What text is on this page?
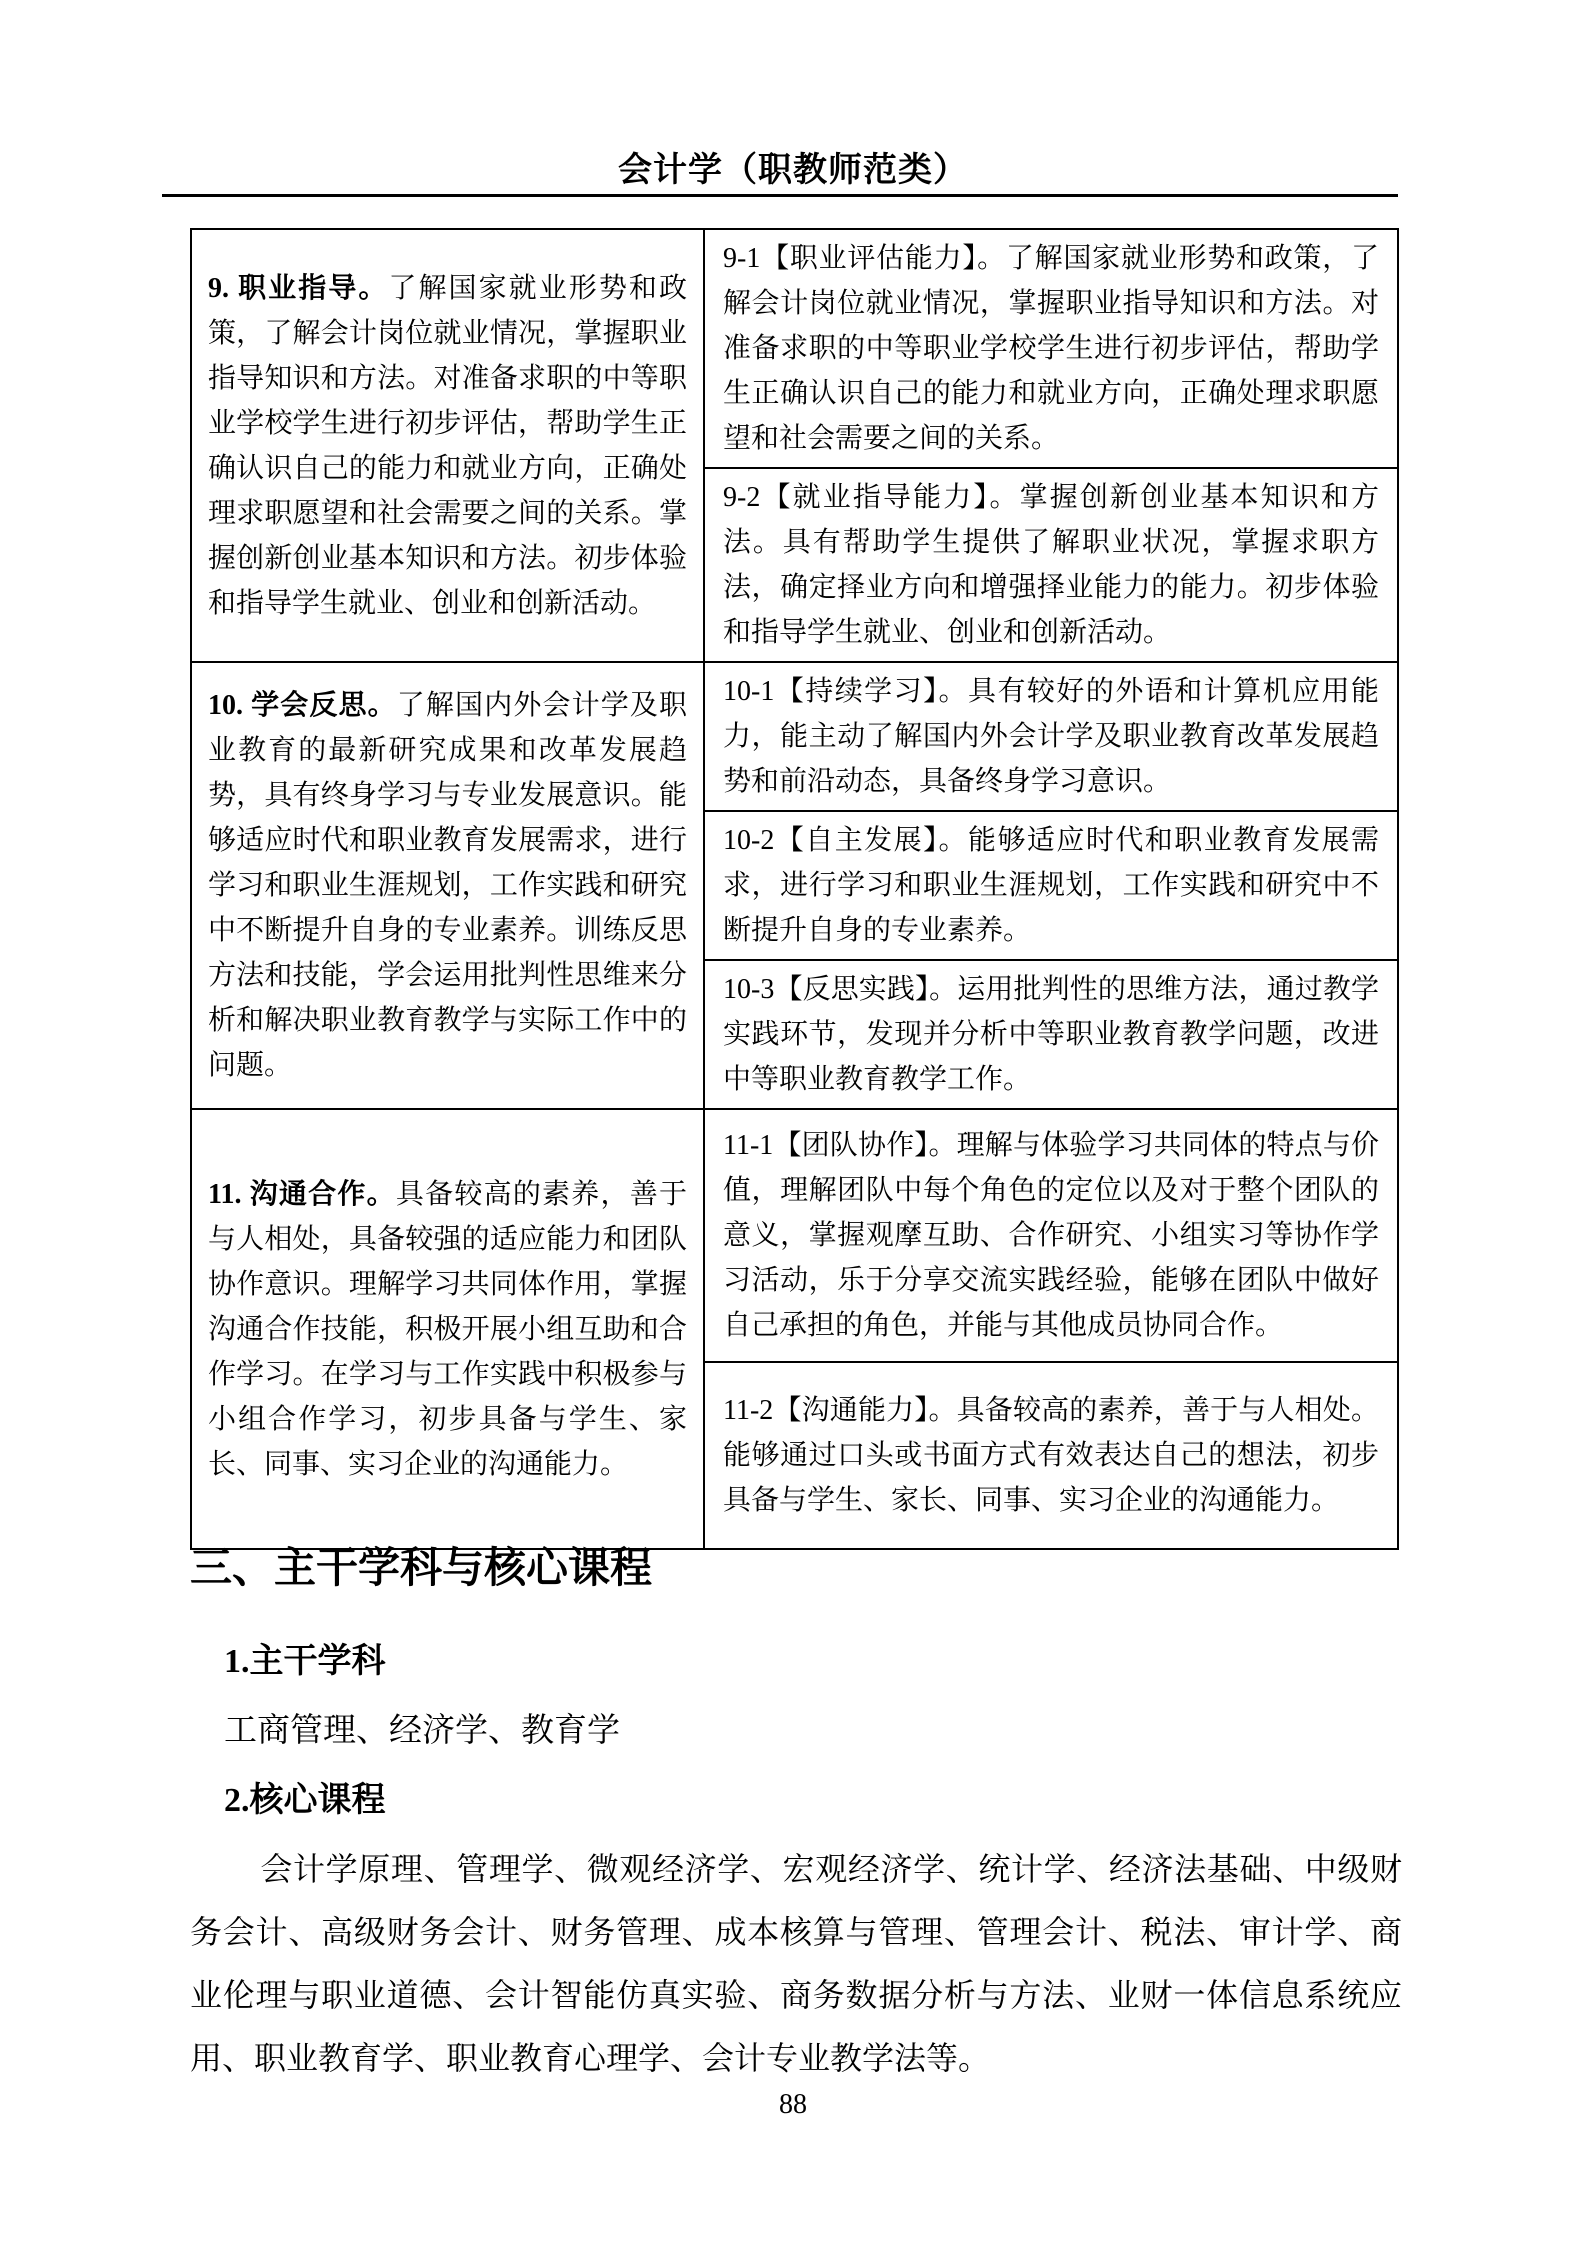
会计学（职教师范类）

9. 职业指导。了解国家就业形势和政策，了解会计岗位就业情况，掌握职业指导知识和方法。对准备求职的中等职业学校学生进行初步评估，帮助学生正确认识自己的能力和就业方向，正确处理求职愿望和社会需要之间的关系。掌握创新创业基本知识和方法。初步体验和指导学生就业、创业和创新活动。	9-1【职业评估能力】。了解国家就业形势和政策，了解会计岗位就业情况，掌握职业指导知识和方法。对准备求职的中等职业学校学生进行初步评估，帮助学生正确认识自己的能力和就业方向，正确处理求职愿望和社会需要之间的关系。

	9-2【就业指导能力】。掌握创新创业基本知识和方法。具有帮助学生提供了解职业状况，掌握求职方法，确定择业方向和增强择业能力的能力。初步体验和指导学生就业、创业和创新活动。

10. 学会反思。了解国内外会计学及职业教育的最新研究成果和改革发展趋势，具有终身学习与专业发展意识。能够适应时代和职业教育发展需求，进行学习和职业生涯规划，工作实践和研究中不断提升自身的专业素养。训练反思方法和技能，学会运用批判性思维来分析和解决职业教育教学与实际工作中的问题。	10-1【持续学习】。具有较好的外语和计算机应用能力，能主动了解国内外会计学及职业教育改革发展趋势和前沿动态，具备终身学习意识。

	10-2【自主发展】。能够适应时代和职业教育发展需求，进行学习和职业生涯规划，工作实践和研究中不断提升自身的专业素养。

	10-3【反思实践】。运用批判性的思维方法，通过教学实践环节，发现并分析中等职业教育教学问题，改进中等职业教育教学工作。

11. 沟通合作。具备较高的素养，善于与人相处，具备较强的适应能力和团队协作意识。理解学习共同体作用，掌握沟通合作技能，积极开展小组互助和合作学习。在学习与工作实践中积极参与小组合作学习，初步具备与学生、家长、同事、实习企业的沟通能力。	11-1【团队协作】。理解与体验学习共同体的特点与价值，理解团队中每个角色的定位以及对于整个团队的意义，掌握观摩互助、合作研究、小组实习等协作学习活动，乐于分享交流实践经验，能够在团队中做好自己承担的角色，并能与其他成员协同合作。

	11-2【沟通能力】。具备较高的素养，善于与人相处。能够通过口头或书面方式有效表达自己的想法，初步具备与学生、家长、同事、实习企业的沟通能力。

三、主干学科与核心课程
1.主干学科
工商管理、经济学、教育学
2.核心课程

会计学原理、管理学、微观经济学、宏观经济学、统计学、经济法基础、中级财务会计、高级财务会计、财务管理、成本核算与管理、管理会计、税法、审计学、商业伦理与职业道德、会计智能仿真实验、商务数据分析与方法、业财一体信息系统应用、职业教育学、职业教育心理学、会计专业教学法等。

88
